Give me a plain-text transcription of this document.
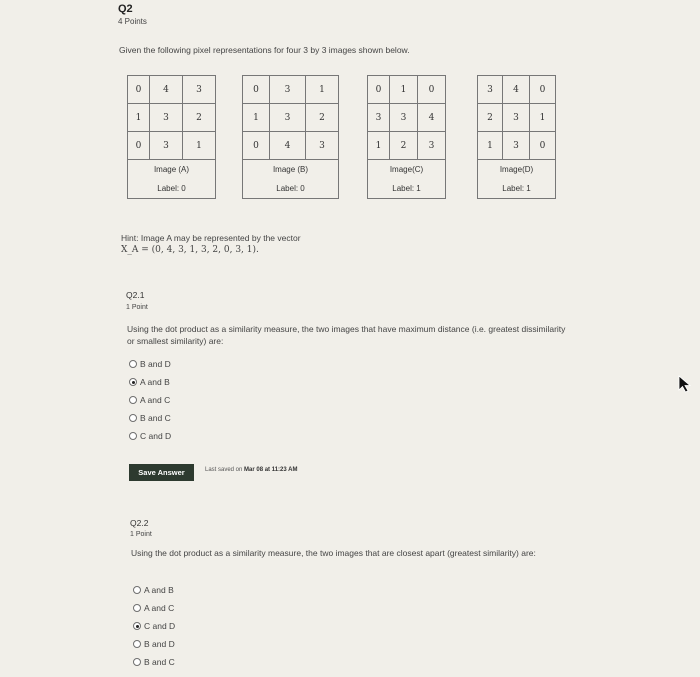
Q2
4 Points
Given the following pixel representations for four 3 by 3 images shown below.
0	4	3
1	3	2
0	3	1

Image (A)
Label: 0		
0	3	1
1	3	2
0	4	3

Image (B)
Label: 0		
0	1	0
3	3	4
1	2	3

Image(C)
Label: 1		
3	4	0
2	3	1
1	3	0

Image(D)
Label: 1		
Hint: Image A may be represented by the vector
X_A = (0, 4, 3, 1, 3, 2, 0, 3, 1).
Q2.1
1 Point
Using the dot product as a similarity measure, the two images that have maximum distance (i.e. greatest dissimilarity or smallest similarity) are:
B and D
A and B
A and C
B and C
C and D
Save Answer	Last saved on Mar 08 at 11:23 AM
Q2.2
1 Point
Using the dot product as a similarity measure, the two images that are closest apart (greatest similarity) are:
A and B
A and C
C and D
B and D
B and C
